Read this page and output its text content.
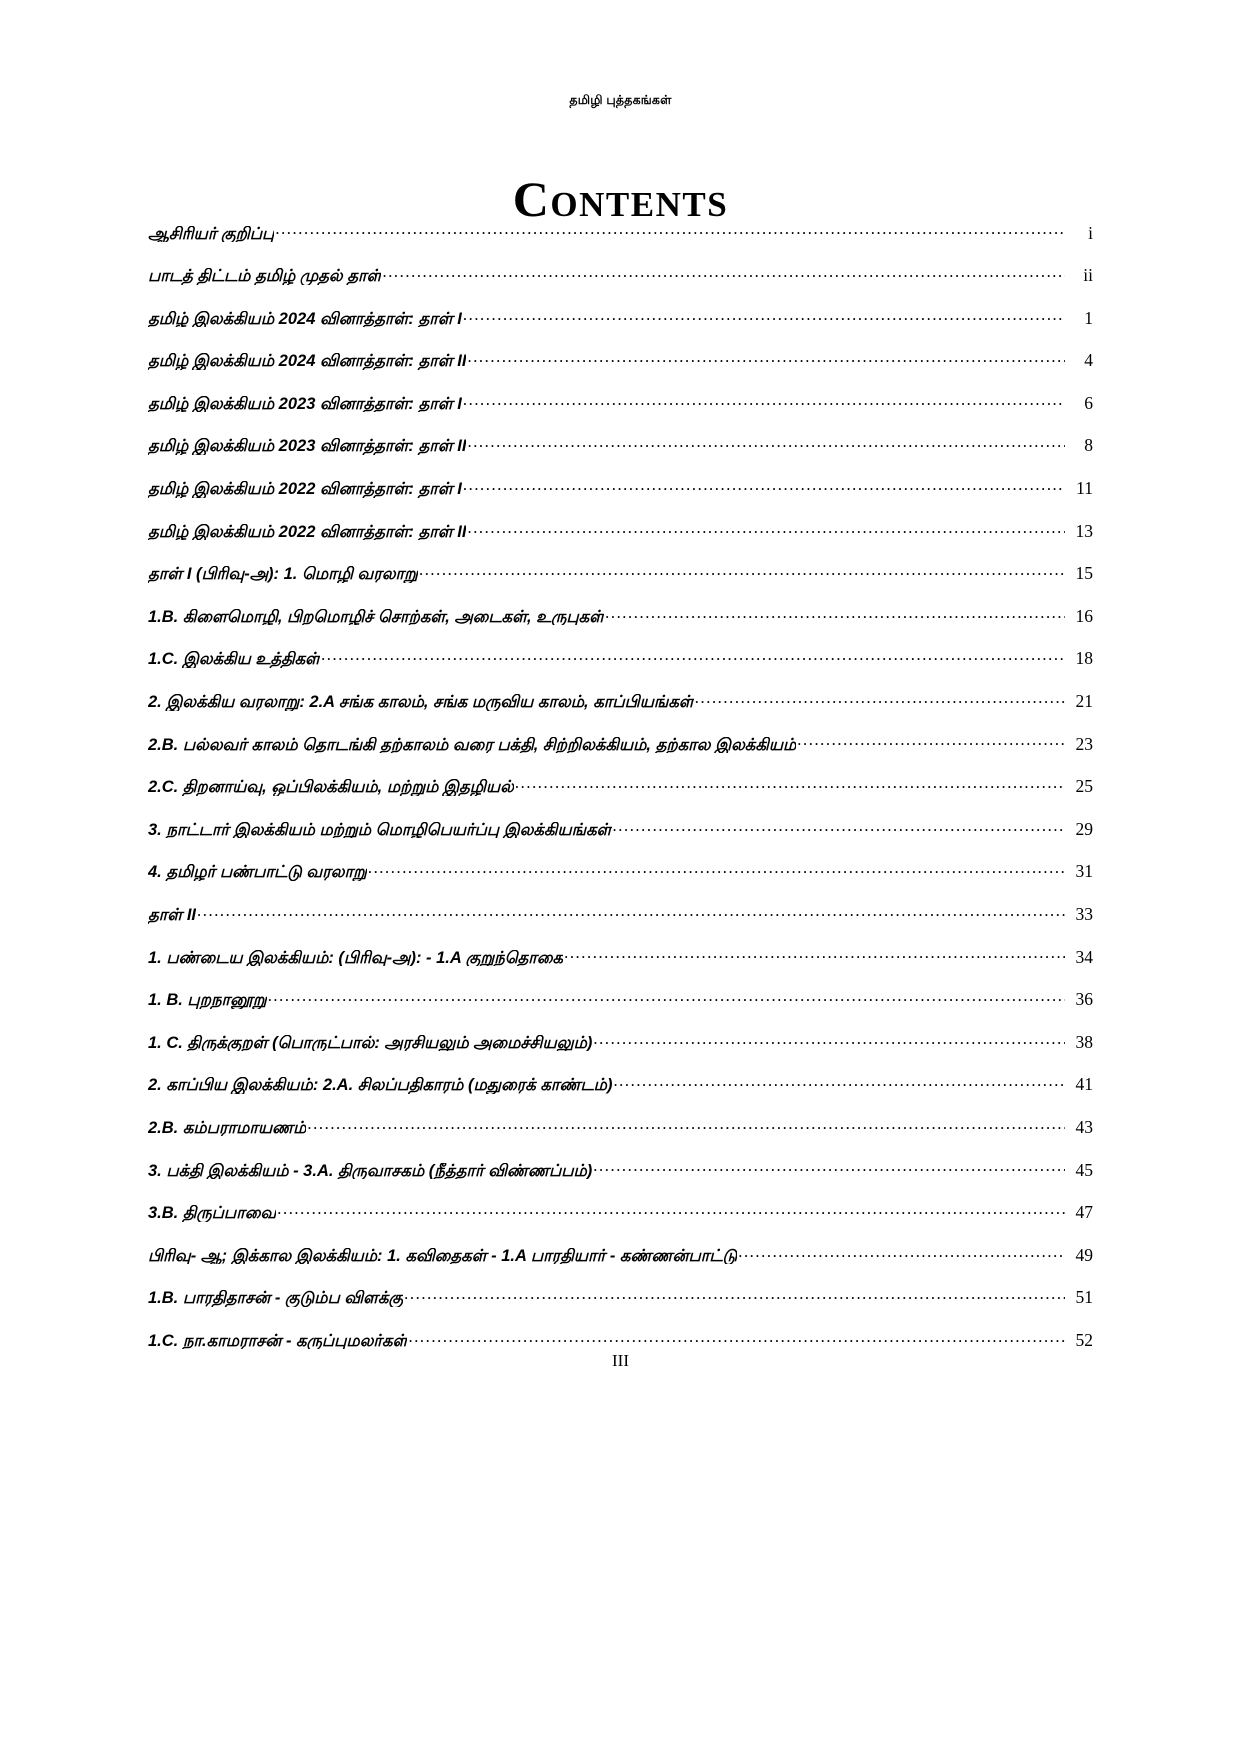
தமிழி புத்தகங்கள்
Contents
ஆசிரியர் குறிப்பு .....	i
பாடத் திட்டம் தமிழ் முதல் தாள் .....	ii
தமிழ் இலக்கியம் 2024 வினாத்தாள்: தாள் I .....	1
தமிழ் இலக்கியம் 2024 வினாத்தாள்: தாள் II .....	4
தமிழ் இலக்கியம் 2023 வினாத்தாள்: தாள் I .....	6
தமிழ் இலக்கியம் 2023 வினாத்தாள்: தாள் II .....	8
தமிழ் இலக்கியம் 2022 வினாத்தாள்: தாள் I .....	11
தமிழ் இலக்கியம் 2022 வினாத்தாள்: தாள் II .....	13
தாள் I (பிரிவு-அ): 1. மொழி வரலாறு .....	15
1.B. கிளைமொழி, பிறமொழிச் சொற்கள், அடைகள், உருபுகள் .....	16
1.C. இலக்கிய உத்திகள் .....	18
2. இலக்கிய வரலாறு: 2.A சங்க காலம், சங்க மருவிய காலம், காப்பியங்கள் .....	21
2.B. பல்லவர் காலம் தொடங்கி தற்காலம் வரை பக்தி, சிற்றிலக்கியம், தற்கால இலக்கியம் .....	23
2.C. திறனாய்வு, ஒப்பிலக்கியம், மற்றும் இதழியல் .....	25
3. நாட்டார் இலக்கியம் மற்றும் மொழிபெயர்ப்பு இலக்கியங்கள் .....	29
4. தமிழர் பண்பாட்டு வரலாறு .....	31
தாள் II .....	33
1. பண்டைய இலக்கியம்: (பிரிவு-அ): - 1.A குறுந்தொகை .....	34
1. B. புறநானூறு .....	36
1. C. திருக்குறள் (பொருட்பால்: அரசியலும் அமைச்சியலும்) .....	38
2. காப்பிய இலக்கியம்: 2.A. சிலப்பதிகாரம் (மதுரைக் காண்டம்) .....	41
2.B. கம்பராமாயணம் .....	43
3. பக்தி இலக்கியம் - 3.A. திருவாசகம் (நீத்தார் விண்ணப்பம்) .....	45
3.B. திருப்பாவை .....	47
பிரிவு- ஆ; இக்கால இலக்கியம்: 1. கவிதைகள் - 1.A பாரதியார் - கண்ணன்பாட்டு .....	49
1.B. பாரதிதாசன் - குடும்ப விளக்கு .....	51
1.C. நா.காமராசன் - கருப்புமலர்கள் .....	52
III
